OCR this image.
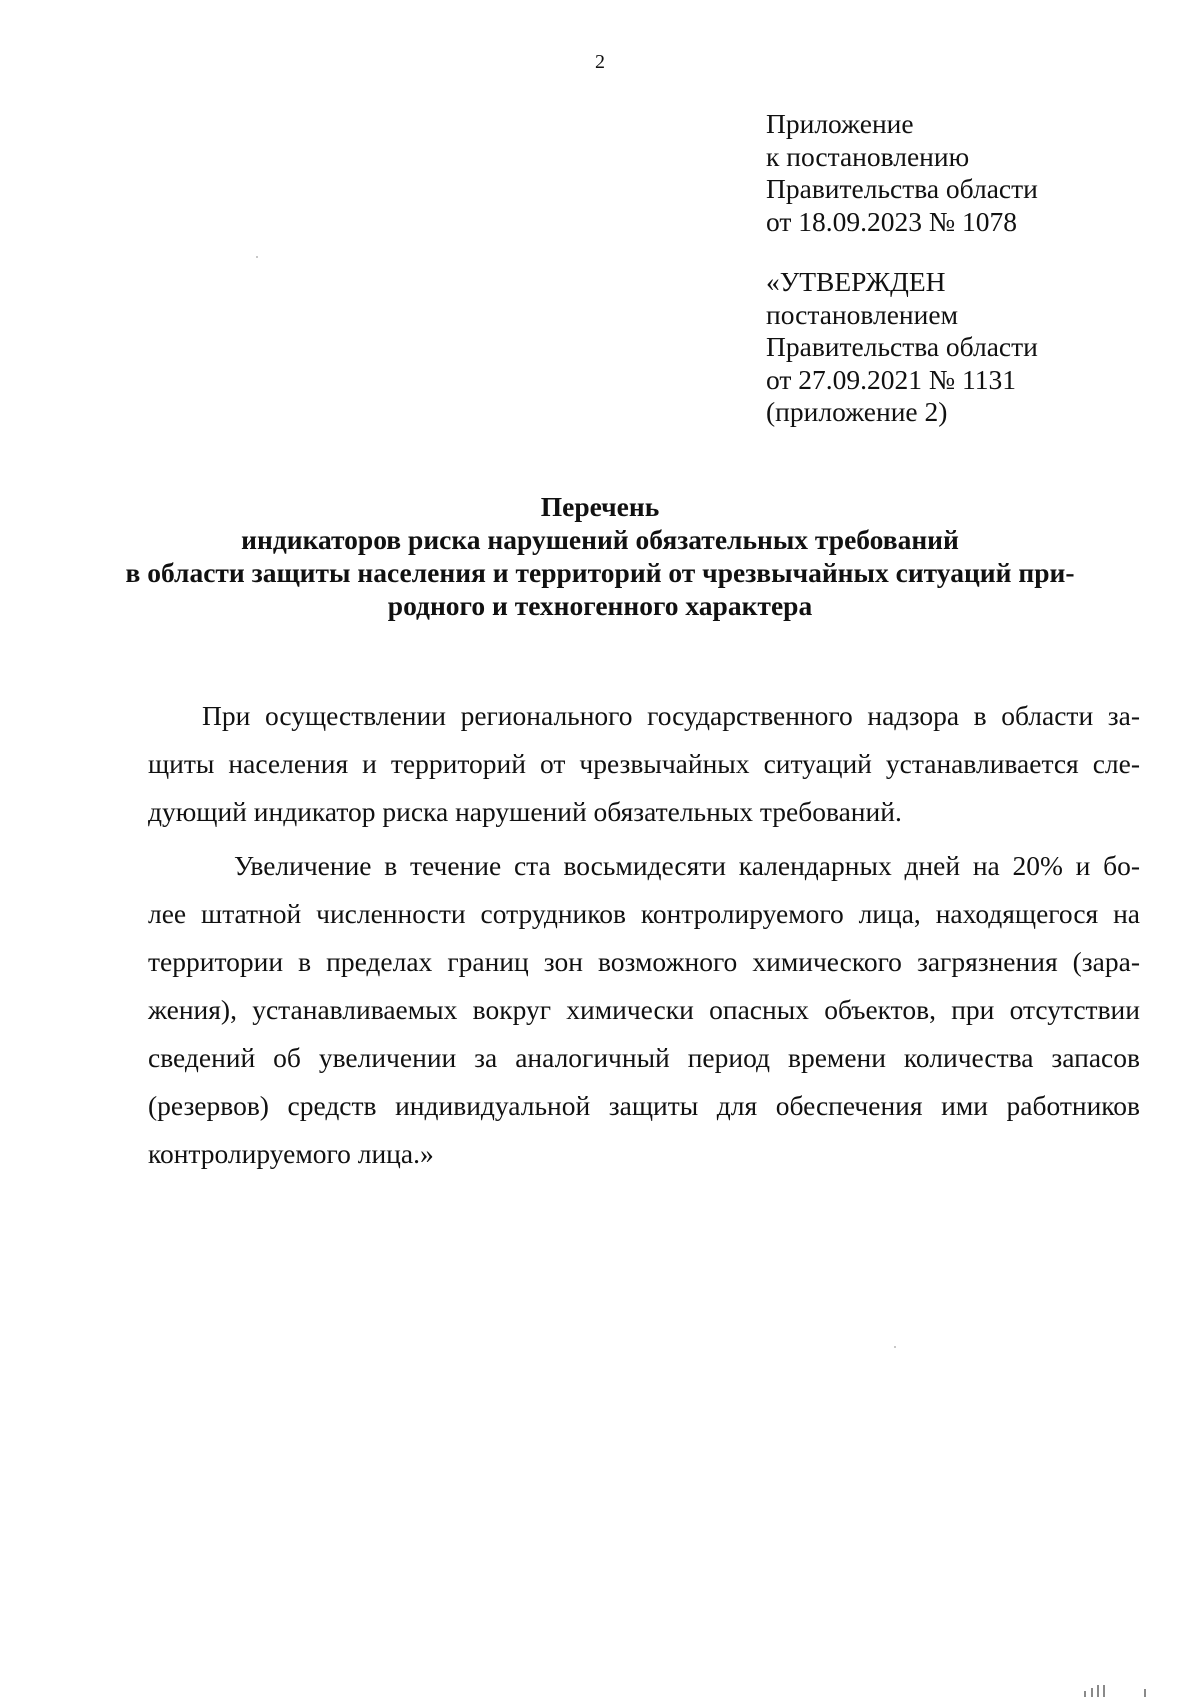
2
Приложение
к постановлению
Правительства области
от 18.09.2023 № 1078
«УТВЕРЖДЕН
постановлением
Правительства области
от 27.09.2021 № 1131
(приложение 2)
Перечень
индикаторов риска нарушений обязательных требований
в области защиты населения и территорий от чрезвычайных ситуаций при-
родного и техногенного характера
При осуществлении регионального государственного надзора в области за-
щиты населения и территорий от чрезвычайных ситуаций устанавливается сле-
дующий индикатор риска нарушений обязательных требований.
Увеличение в течение ста восьмидесяти календарных дней на 20% и бо-
лее штатной численности сотрудников контролируемого лица, находящегося на
территории в пределах границ зон возможного химического загрязнения (зара-
жения), устанавливаемых вокруг химически опасных объектов, при отсутствии
сведений об увеличении за аналогичный период времени количества запасов
(резервов) средств индивидуальной защиты для обеспечения ими работников
контролируемого лица.»
